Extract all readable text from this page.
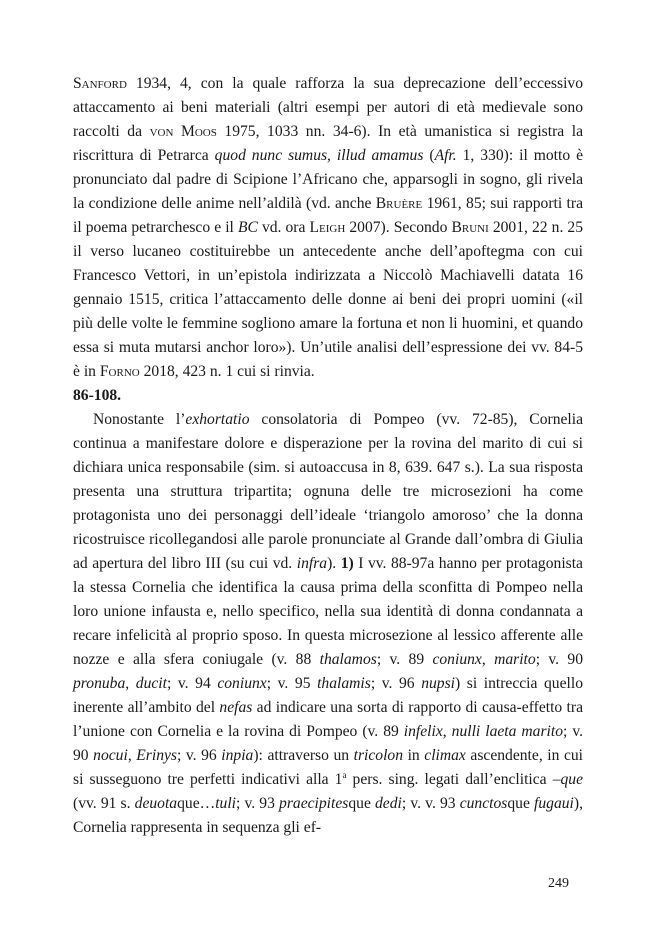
Sanford 1934, 4, con la quale rafforza la sua deprecazione dell’eccessivo attaccamento ai beni materiali (altri esempi per autori di età medievale sono raccolti da von Moos 1975, 1033 nn. 34-6). In età umanistica si registra la riscrittura di Petrarca quod nunc sumus, illud amamus (Afr. 1, 330): il motto è pronunciato dal padre di Scipione l’Africano che, apparsogli in sogno, gli rivela la condizione delle anime nell’aldilà (vd. anche Bruère 1961, 85; sui rapporti tra il poema petrarchesco e il BC vd. ora Leigh 2007). Secondo Bruni 2001, 22 n. 25 il verso lucaneo costituirebbe un antecedente anche dell’apoftegma con cui Francesco Vettori, in un’epistola indirizzata a Niccolò Machiavelli datata 16 gennaio 1515, critica l’attaccamento delle donne ai beni dei propri uomini («il più delle volte le femmine sogliono amare la fortuna et non li huomini, et quando essa si muta mutarsi anchor loro»). Un’utile analisi dell’espressione dei vv. 84-5 è in Forno 2018, 423 n. 1 cui si rinvia.

86-108.

Nonostante l’exhortatio consolatoria di Pompeo (vv. 72-85), Cornelia continua a manifestare dolore e disperazione per la rovina del marito di cui si dichiara unica responsabile (sim. si autoaccusa in 8, 639. 647 s.). La sua risposta presenta una struttura tripartita; ognuna delle tre microsezioni ha come protagonista uno dei personaggi dell’ideale ‘triangolo amoroso’ che la donna ricostruisce ricollegandosi alle parole pronunciate al Grande dall’ombra di Giulia ad apertura del libro III (su cui vd. infra). 1) I vv. 88-97a hanno per protagonista la stessa Cornelia che identifica la causa prima della sconfitta di Pompeo nella loro unione infausta e, nello specifico, nella sua identità di donna condannata a recare infelicità al proprio sposo. In questa microsezione al lessico afferente alle nozze e alla sfera coniugale (v. 88 thalamos; v. 89 coniunx, marito; v. 90 pronuba, ducit; v. 94 coniunx; v. 95 thalamis; v. 96 nupsi) si intreccia quello inerente all’ambito del nefas ad indicare una sorta di rapporto di causa-effetto tra l’unione con Cornelia e la rovina di Pompeo (v. 89 infelix, nulli laeta marito; v. 90 nocui, Erinys; v. 96 inpia): attraverso un tricolon in climax ascendente, in cui si susseguono tre perfetti indicativi alla 1$^a$ pers. sing. legati dall’enclitica –que (vv. 91 s. deuotaque…tuli; v. 93 praecipitesque dedi; v. v. 93 cunctosque fugaui), Cornelia rappresenta in sequenza gli ef-

249
